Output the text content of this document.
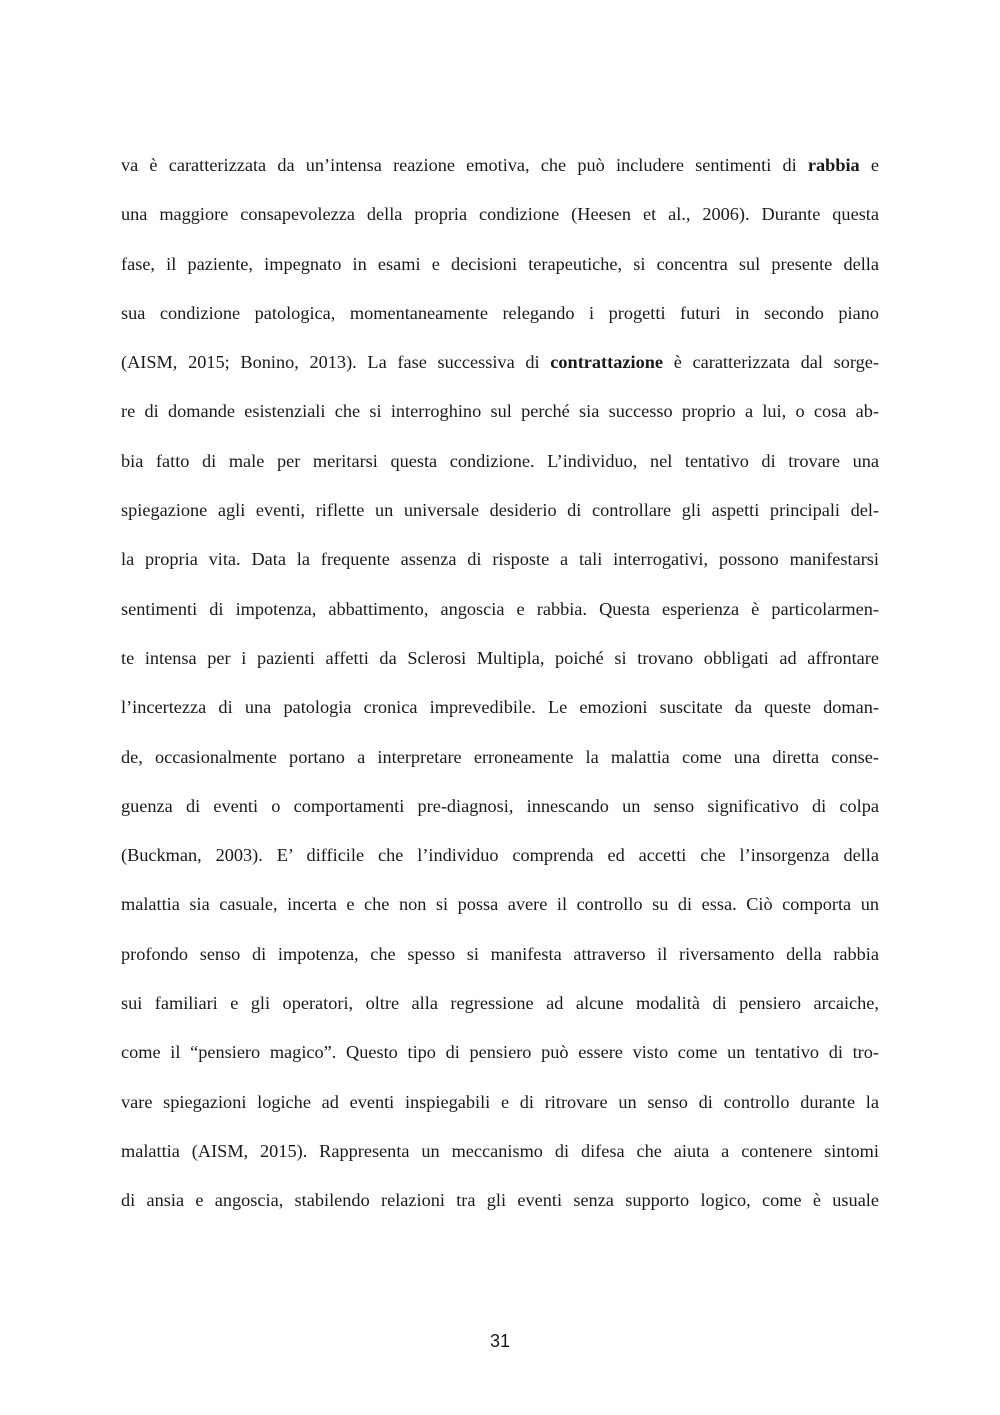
va è caratterizzata da un’intensa reazione emotiva, che può includere sentimenti di rabbia e
una maggiore consapevolezza della propria condizione (Heesen et al., 2006). Durante questa
fase, il paziente, impegnato in esami e decisioni terapeutiche, si concentra sul presente della
sua condizione patologica, momentaneamente relegando i progetti futuri in secondo piano
(AISM, 2015; Bonino, 2013). La fase successiva di contrattazione è caratterizzata dal sorge-
re di domande esistenziali che si interroghino sul perché sia successo proprio a lui, o cosa ab-
bia fatto di male per meritarsi questa condizione. L’individuo, nel tentativo di trovare una
spiegazione agli eventi, riflette un universale desiderio di controllare gli aspetti principali del-
la propria vita. Data la frequente assenza di risposte a tali interrogativi, possono manifestarsi
sentimenti di impotenza, abbattimento, angoscia e rabbia. Questa esperienza è particolarmen-
te intensa per i pazienti affetti da Sclerosi Multipla, poiché si trovano obbligati ad affrontare
l’incertezza di una patologia cronica imprevedibile. Le emozioni suscitate da queste doman-
de, occasionalmente portano a interpretare erroneamente la malattia come una diretta conse-
guenza di eventi o comportamenti pre-diagnosi, innescando un senso significativo di colpa
(Buckman, 2003). E’ difficile che l’individuo comprenda ed accetti che l’insorgenza della
malattia sia casuale, incerta e che non si possa avere il controllo su di essa. Ciò comporta un
profondo senso di impotenza, che spesso si manifesta attraverso il riversamento della rabbia
sui familiari e gli operatori, oltre alla regressione ad alcune modalità di pensiero arcaiche,
come il “pensiero magico”. Questo tipo di pensiero può essere visto come un tentativo di tro-
vare spiegazioni logiche ad eventi inspiegabili e di ritrovare un senso di controllo durante la
malattia (AISM, 2015). Rappresenta un meccanismo di difesa che aiuta a contenere sintomi
di ansia e angoscia, stabilendo relazioni tra gli eventi senza supporto logico, come è usuale
31
